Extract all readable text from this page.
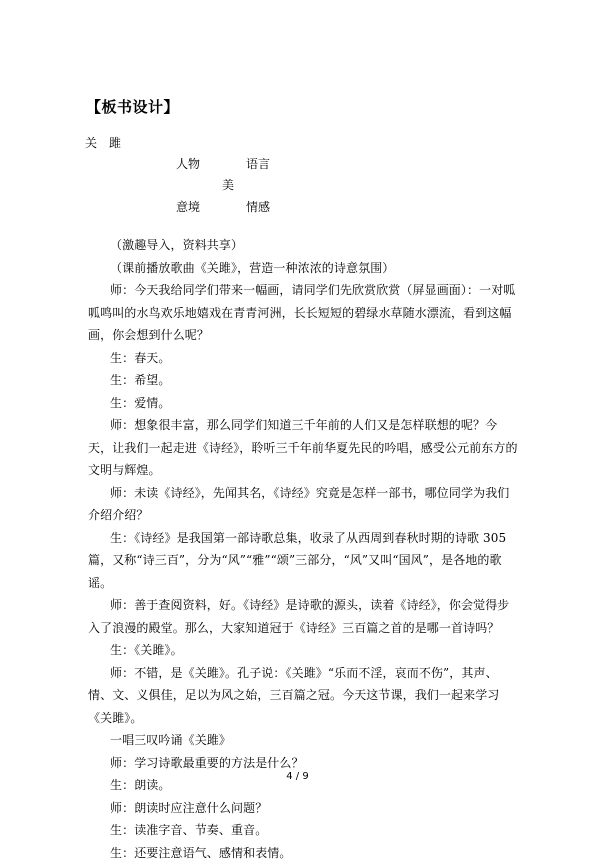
【板书设计】
关　雎
人物	语言
美
意境	情感

（激趣导入，资料共享）

（课前播放歌曲《关雎》，营造一种浓浓的诗意氛围）

师：今天我给同学们带来一幅画，请同学们先欣赏欣赏（屏显画面）：一对呱呱鸣叫的水鸟欢乐地嬉戏在青青河洲，长长短短的碧绿水草随水漂流，看到这幅画，你会想到什么呢？

生：春天。

生：希望。

生：爱情。

师：想象很丰富，那么同学们知道三千年前的人们又是怎样联想的呢？今天，让我们一起走进《诗经》，聆听三千年前华夏先民的吟唱，感受公元前东方的文明与辉煌。

师：未读《诗经》，先闻其名，《诗经》究竟是怎样一部书，哪位同学为我们介绍介绍？

生：《诗经》是我国第一部诗歌总集，收录了从西周到春秋时期的诗歌 305 篇，又称“诗三百”，分为“风”“雅”“颂”三部分，“风”又叫“国风”，是各地的歌谣。

师：善于查阅资料，好。《诗经》是诗歌的源头，读着《诗经》，你会觉得步入了浪漫的殿堂。那么，大家知道冠于《诗经》三百篇之首的是哪一首诗吗？

生：《关雎》。

师：不错，是《关雎》。孔子说：《关雎》“乐而不淫，哀而不伤”，其声、情、文、义俱佳，足以为风之始，三百篇之冠。今天这节课，我们一起来学习《关雎》。

一唱三叹吟诵《关雎》

师：学习诗歌最重要的方法是什么？

生：朗读。

师：朗读时应注意什么问题？

生：读准字音、节奏、重音。

生：还要注意语气、感情和表情。

4 / 9
